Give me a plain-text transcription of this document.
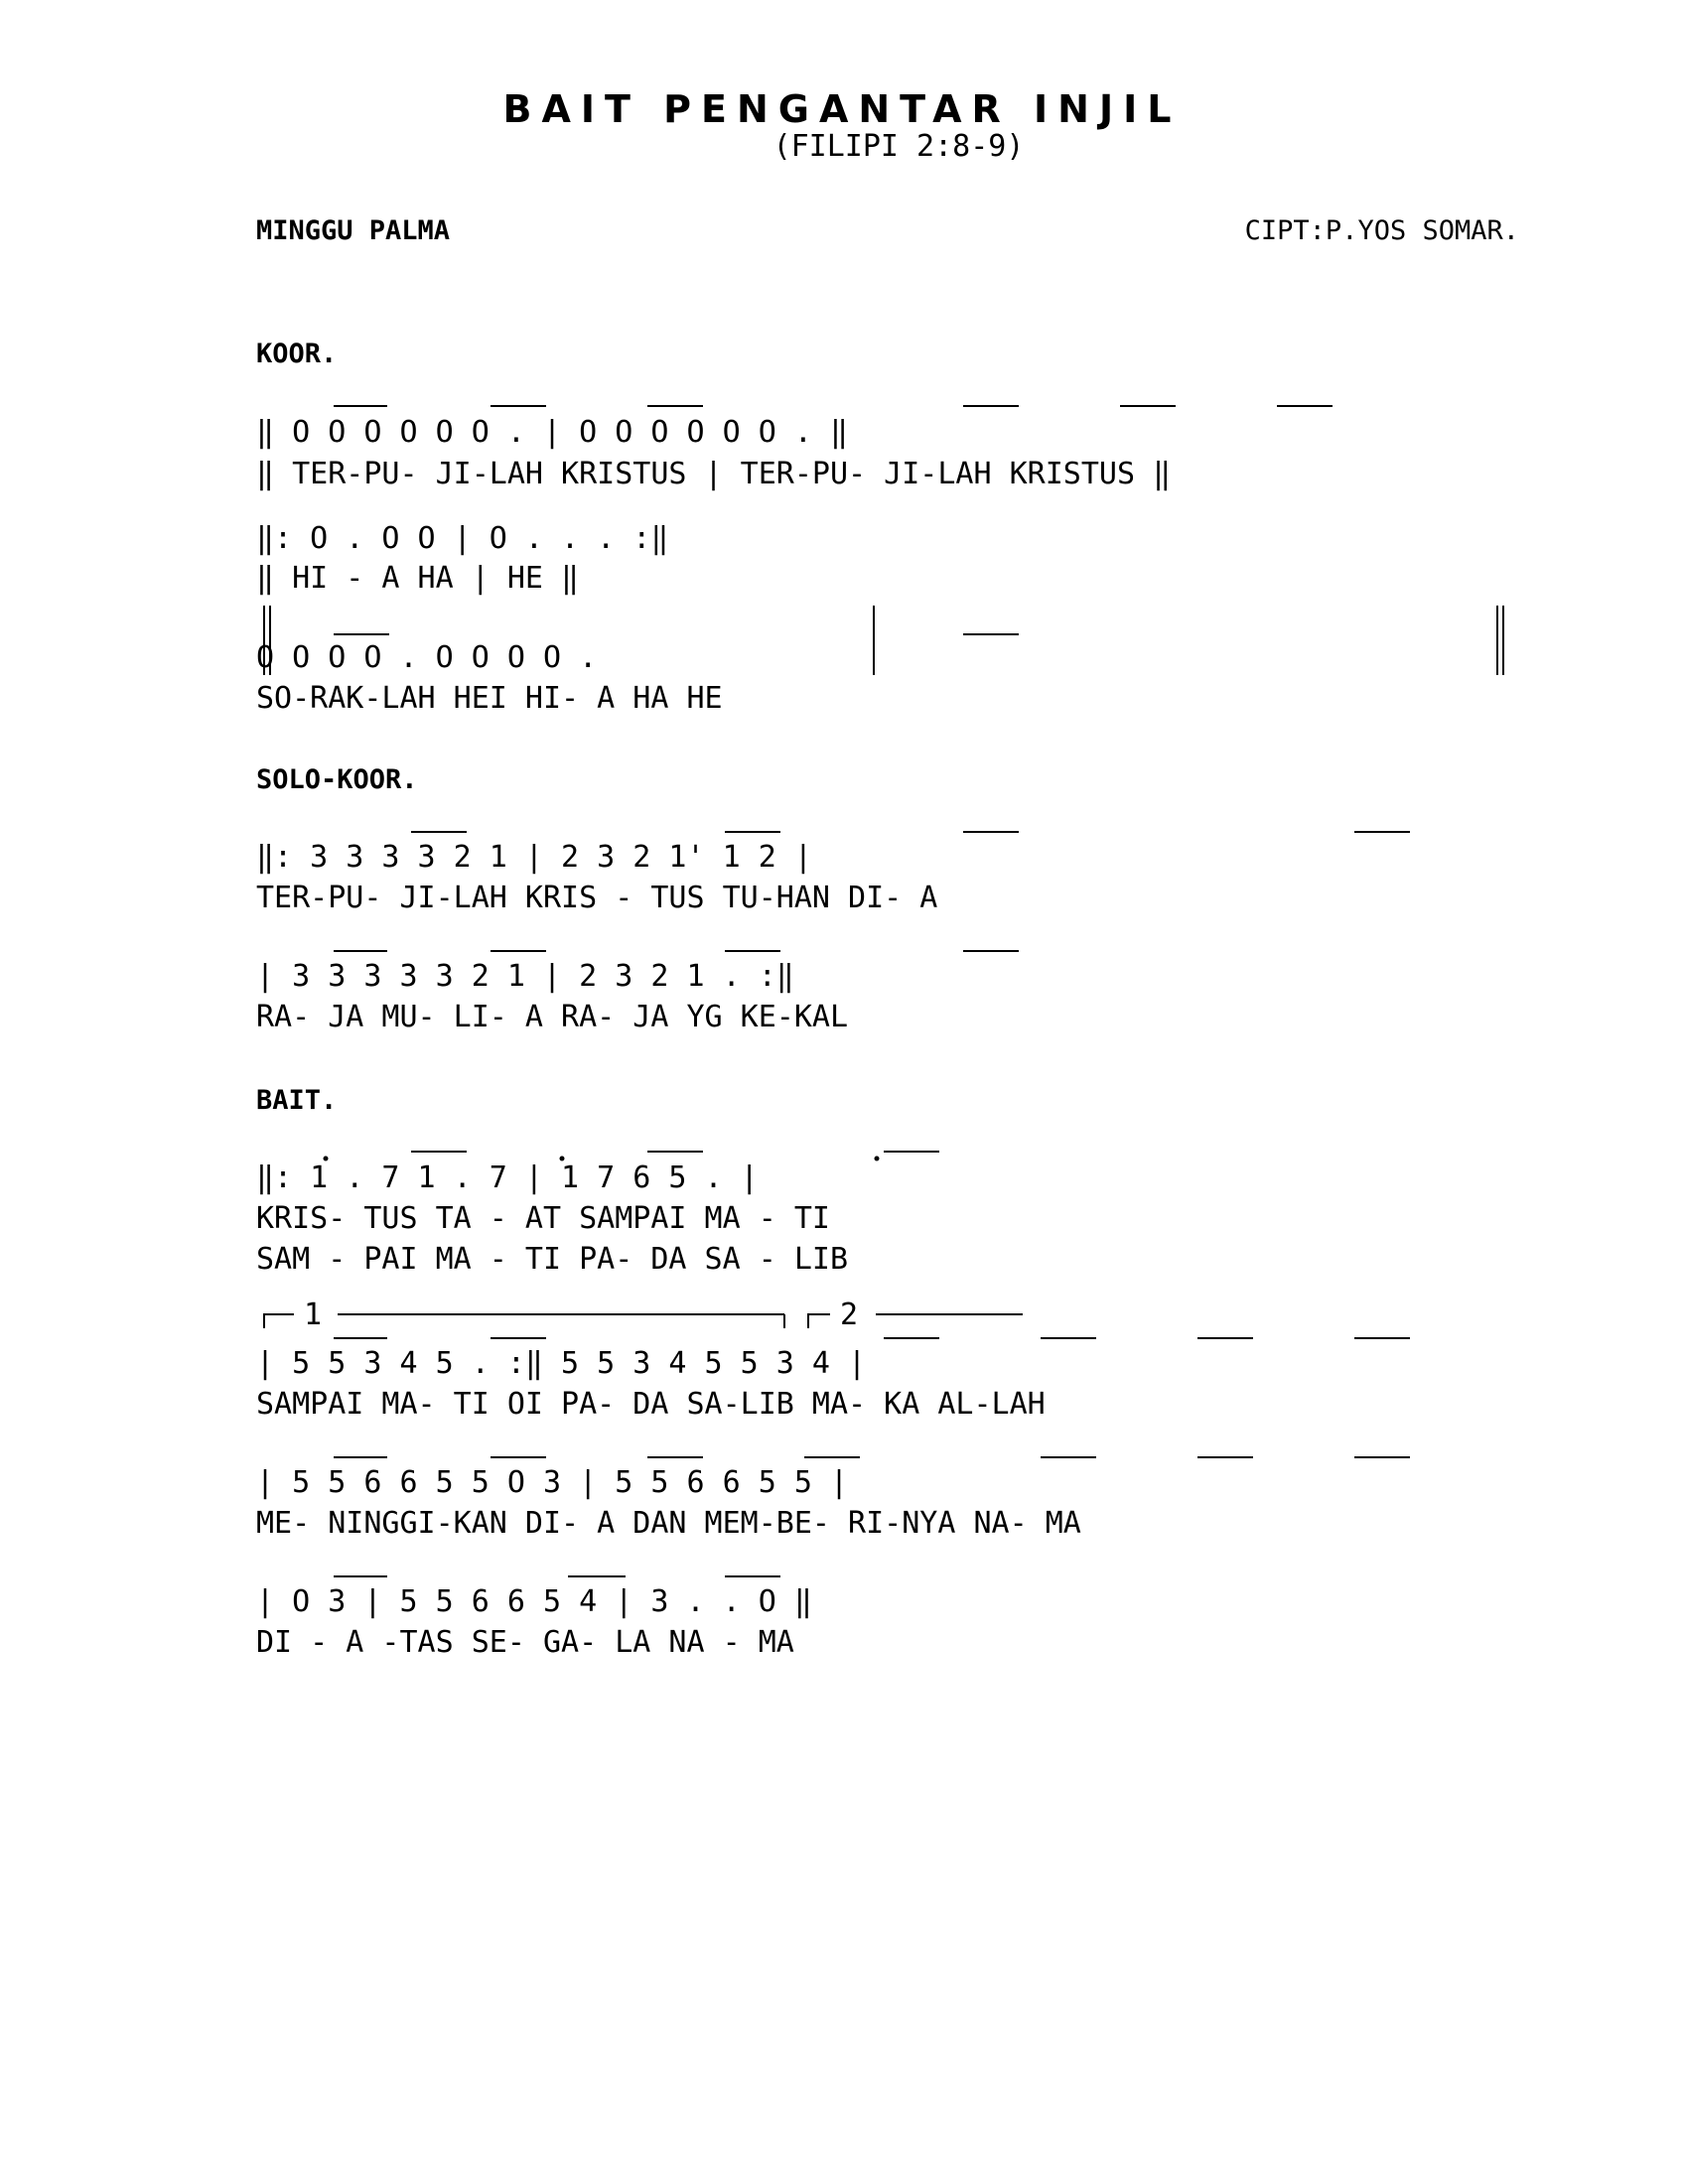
BAIT PENGANTAR INJIL
(FILIPI 2:8-9)
MINGGU PALMA	CIPT:P.YOS SOMAR.
KOOR.
SOLO-KOOR.
BAIT.
‖ O O O O O O . | O O O O O O . ‖
‖ TER-PU- JI-LAH KRISTUS | TER-PU- JI-LAH KRISTUS ‖
‖: O . O O | O . . . :‖
‖ HI - A HA | HE ‖
O O O O . O O O O .
SO-RAK-LAH HEI HI- A HA HE
‖: 3 3 3 3 2 1 | 2 3 2 1' 1 2 |
TER-PU- JI-LAH KRIS - TUS TU-HAN DI- A
| 3 3 3 3 3 2 1 | 2 3 2 1 . :‖
RA- JA MU- LI- A RA- JA YG KE-KAL
‖: 1 . 7 1 . 7 | 1 7 6 5 . |
KRIS- TUS TA - AT SAMPAI MA - TI
SAM - PAI MA - TI PA- DA SA - LIB
1	2
| 5 5 3 4 5 . :‖ 5 5 3 4 5 5 3 4 |
SAMPAI MA- TI OI PA- DA SA-LIB MA- KA AL-LAH
| 5 5 6 6 5 5 O 3 | 5 5 6 6 5 5 |
ME- NINGGI-KAN DI- A DAN MEM-BE- RI-NYA NA- MA
| O 3 | 5 5 6 6 5 4 | 3 . . O ‖
DI - A -TAS SE- GA- LA NA - MA
